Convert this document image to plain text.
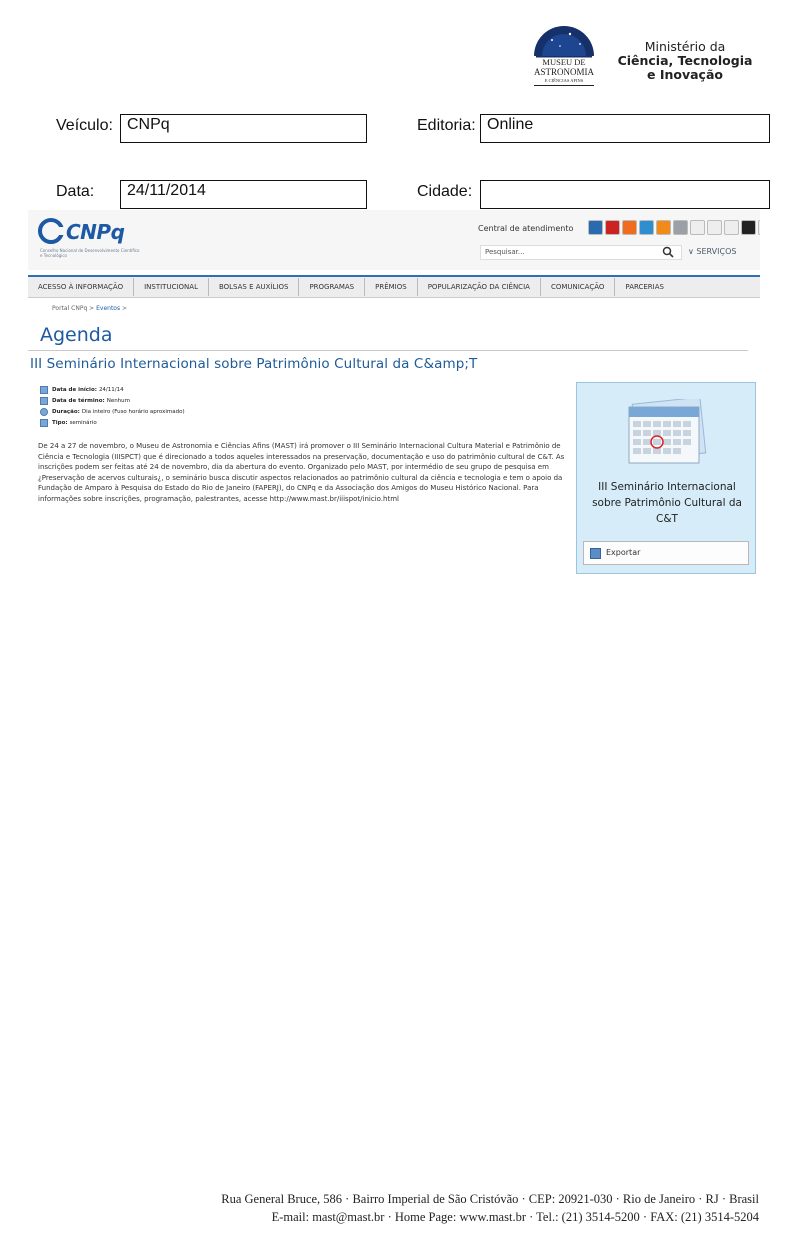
MUSEU DE
ASTRONOMIA
E CIÊNCIAS AFINS
Ministério da
Ciência, Tecnologia
e Inovação
Veículo: CNPq	Editoria: Online
Data:	24/11/2014	Cidade:
CNPq
Conselho Nacional de Desenvolvimento Científico e Tecnológico
Central de atendimento
Pesquisar...	∨ SERVIÇOS
ACESSO À INFORMAÇÃO	INSTITUCIONAL	BOLSAS E AUXÍLIOS	PROGRAMAS	PRÊMIOS	POPULARIZAÇÃO DA CIÊNCIA	COMUNICAÇÃO	PARCERIAS
Portal CNPq > Eventos >
Agenda
III Seminário Internacional sobre Patrimônio Cultural da C&amp;T
Data de início: 24/11/14
Data de término: Nenhum
Duração: Dia inteiro (Fuso horário aproximado)
Tipo: seminário
De 24 a 27 de novembro, o Museu de Astronomia e Ciências Afins (MAST) irá promover o III Seminário Internacional Cultura Material e Patrimônio de Ciência e Tecnologia (IIISPCT) que é direcionado a todos aqueles interessados na preservação, documentação e uso do patrimônio cultural de C&T. As inscrições podem ser feitas até 24 de novembro, dia da abertura do evento. Organizado pelo MAST, por intermédio de seu grupo de pesquisa em ¿Preservação de acervos culturais¿, o seminário busca discutir aspectos relacionados ao patrimônio cultural da ciência e tecnologia e tem o apoio da Fundação de Amparo à Pesquisa do Estado do Rio de Janeiro (FAPERJ), do CNPq e da Associação dos Amigos do Museu Histórico Nacional. Para informações sobre inscrições, programação, palestrantes, acesse http://www.mast.br/iiispot/inicio.html
III Seminário Internacional sobre Patrimônio Cultural da C&T
Exportar
Rua General Bruce, 586 · Bairro Imperial de São Cristóvão · CEP: 20921-030 · Rio de Janeiro · RJ · Brasil
E-mail: mast@mast.br · Home Page: www.mast.br · Tel.: (21) 3514-5200 · FAX: (21) 3514-5204
